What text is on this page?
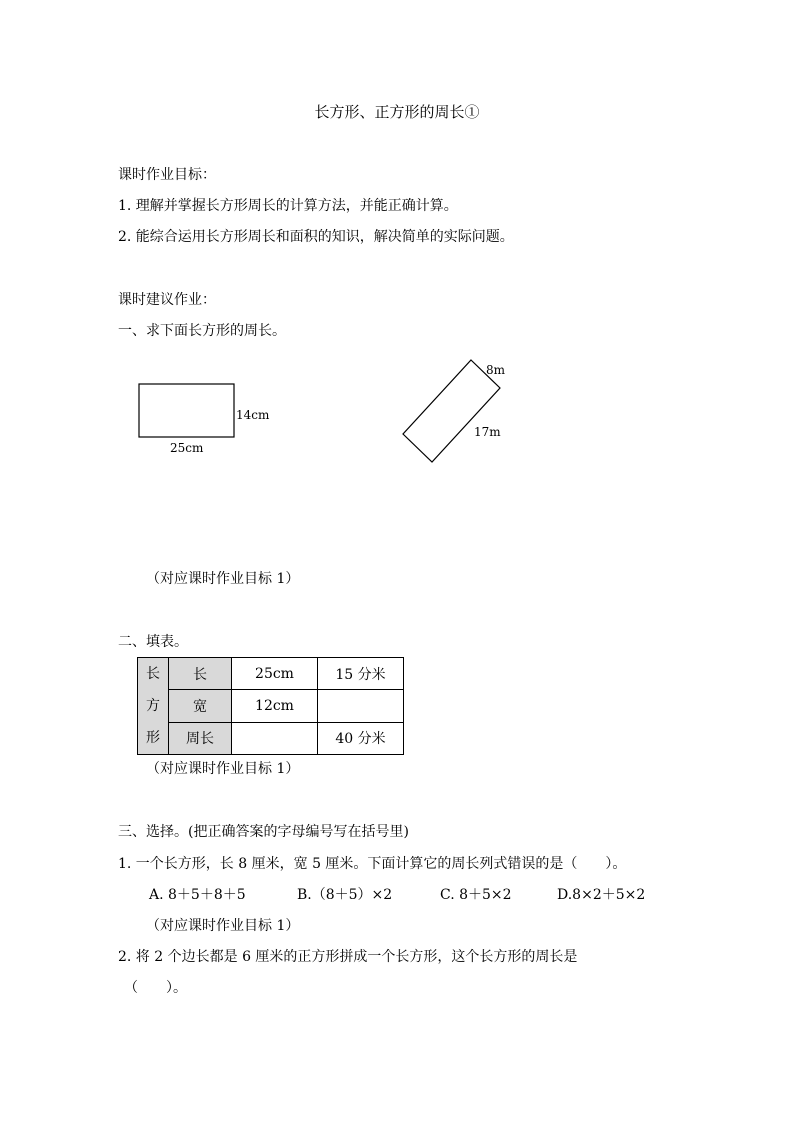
长方形、正方形的周长①
课时作业目标：
1. 理解并掌握长方形周长的计算方法，并能正确计算。
2. 能综合运用长方形周长和面积的知识，解决简单的实际问题。
课时建议作业：
一、求下面长方形的周长。
14cm
25cm
8m
17m
（对应课时作业目标 1）
二、填表。
长
方
形	长	25cm	15 分米
	宽	12cm	
	周长		40 分米
（对应课时作业目标 1）
三、选择。(把正确答案的字母编号写在括号里)
1. 一个长方形，长 8 厘米，宽 5 厘米。下面计算它的周长列式错误的是（　　）。
A. 8＋5＋8＋5	B.（8＋5）×2	C. 8＋5×2	D.8×2＋5×2
（对应课时作业目标 1）
2. 将 2 个边长都是 6 厘米的正方形拼成一个长方形，这个长方形的周长是
（　　）。
